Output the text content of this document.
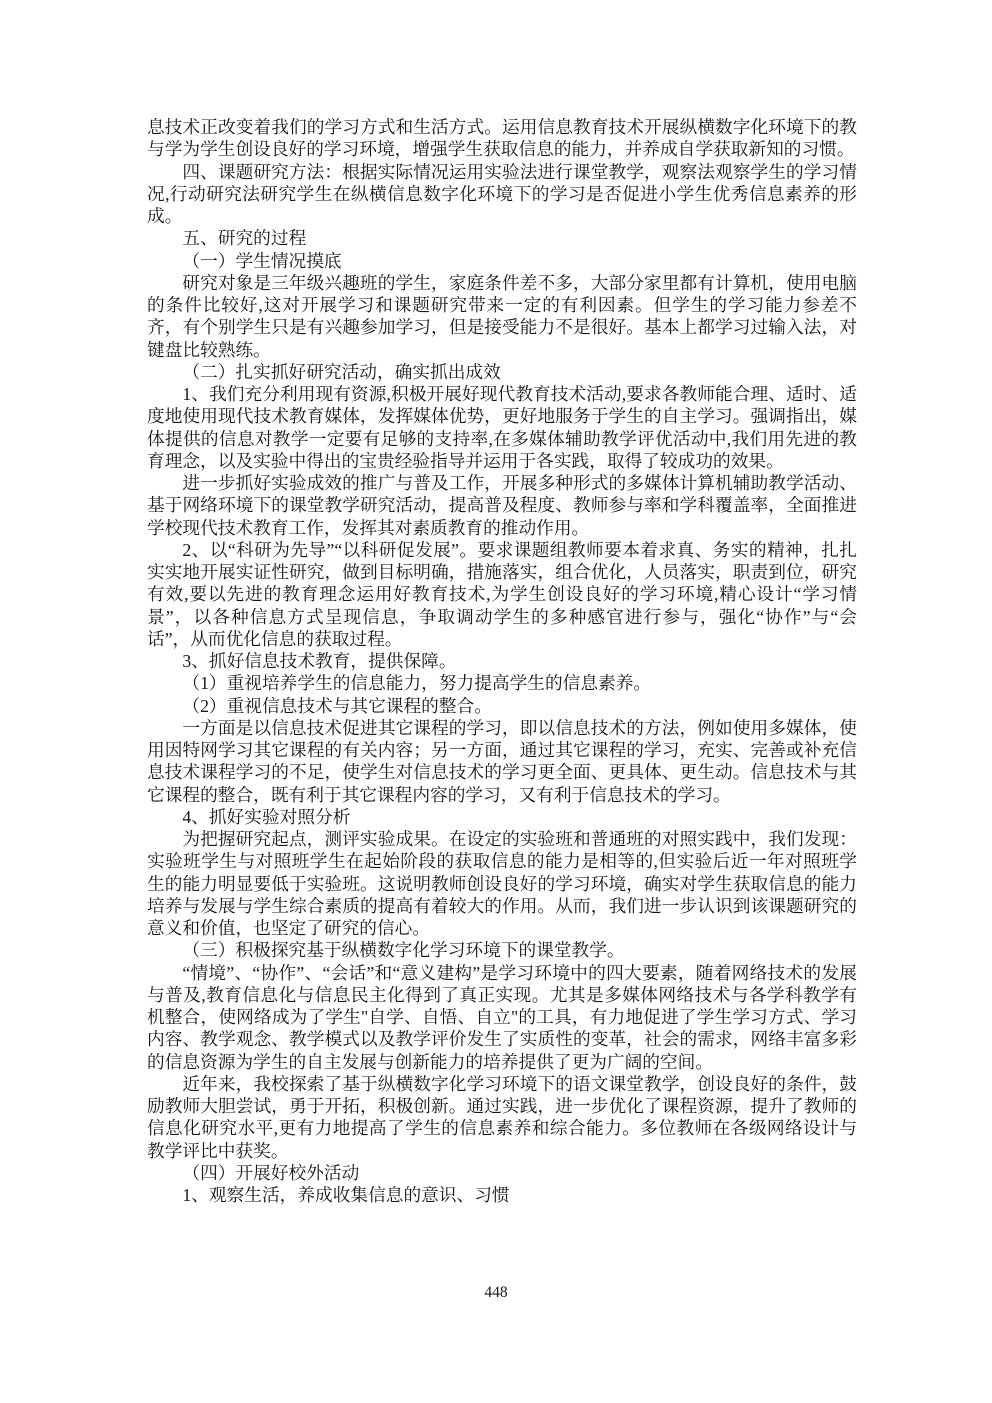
息技术正改变着我们的学习方式和生活方式。运用信息教育技术开展纵横数字化环境下的教与学为学生创设良好的学习环境，增强学生获取信息的能力，并养成自学获取新知的习惯。

四、课题研究方法：根据实际情况运用实验法进行课堂教学，观察法观察学生的学习情况,行动研究法研究学生在纵横信息数字化环境下的学习是否促进小学生优秀信息素养的形成。

五、研究的过程

（一）学生情况摸底

研究对象是三年级兴趣班的学生，家庭条件差不多，大部分家里都有计算机，使用电脑的条件比较好,这对开展学习和课题研究带来一定的有利因素。但学生的学习能力参差不齐，有个别学生只是有兴趣参加学习，但是接受能力不是很好。基本上都学习过输入法，对键盘比较熟练。

（二）扎实抓好研究活动，确实抓出成效

1、我们充分利用现有资源,积极开展好现代教育技术活动,要求各教师能合理、适时、适度地使用现代技术教育媒体，发挥媒体优势，更好地服务于学生的自主学习。强调指出，媒体提供的信息对教学一定要有足够的支持率,在多媒体辅助教学评优活动中,我们用先进的教育理念，以及实验中得出的宝贵经验指导并运用于各实践，取得了较成功的效果。

进一步抓好实验成效的推广与普及工作，开展多种形式的多媒体计算机辅助教学活动、基于网络环境下的课堂教学研究活动，提高普及程度、教师参与率和学科覆盖率，全面推进学校现代技术教育工作，发挥其对素质教育的推动作用。

2、以“科研为先导”“以科研促发展”。要求课题组教师要本着求真、务实的精神，扎扎实实地开展实证性研究，做到目标明确，措施落实，组合优化，人员落实，职责到位，研究有效,要以先进的教育理念运用好教育技术,为学生创设良好的学习环境,精心设计“学习情景”，以各种信息方式呈现信息，争取调动学生的多种感官进行参与，强化“协作”与“会话”，从而优化信息的获取过程。

3、抓好信息技术教育，提供保障。

（1）重视培养学生的信息能力，努力提高学生的信息素养。

（2）重视信息技术与其它课程的整合。

一方面是以信息技术促进其它课程的学习，即以信息技术的方法，例如使用多媒体，使用因特网学习其它课程的有关内容；另一方面，通过其它课程的学习，充实、完善或补充信息技术课程学习的不足，使学生对信息技术的学习更全面、更具体、更生动。信息技术与其它课程的整合，既有利于其它课程内容的学习，又有利于信息技术的学习。

4、抓好实验对照分析

为把握研究起点，测评实验成果。在设定的实验班和普通班的对照实践中，我们发现：实验班学生与对照班学生在起始阶段的获取信息的能力是相等的,但实验后近一年对照班学生的能力明显要低于实验班。这说明教师创设良好的学习环境，确实对学生获取信息的能力培养与发展与学生综合素质的提高有着较大的作用。从而，我们进一步认识到该课题研究的意义和价值，也坚定了研究的信心。

（三）积极探究基于纵横数字化学习环境下的课堂教学。

“情境”、“协作”、“会话”和“意义建构”是学习环境中的四大要素，随着网络技术的发展与普及,教育信息化与信息民主化得到了真正实现。尤其是多媒体网络技术与各学科教学有机整合，使网络成为了学生"自学、自悟、自立"的工具，有力地促进了学生学习方式、学习内容、教学观念、教学模式以及教学评价发生了实质性的变革，社会的需求，网络丰富多彩的信息资源为学生的自主发展与创新能力的培养提供了更为广阔的空间。

近年来，我校探索了基于纵横数字化学习环境下的语文课堂教学，创设良好的条件，鼓励教师大胆尝试，勇于开拓，积极创新。通过实践，进一步优化了课程资源，提升了教师的信息化研究水平,更有力地提高了学生的信息素养和综合能力。多位教师在各级网络设计与教学评比中获奖。

（四）开展好校外活动

1、观察生活，养成收集信息的意识、习惯

448
